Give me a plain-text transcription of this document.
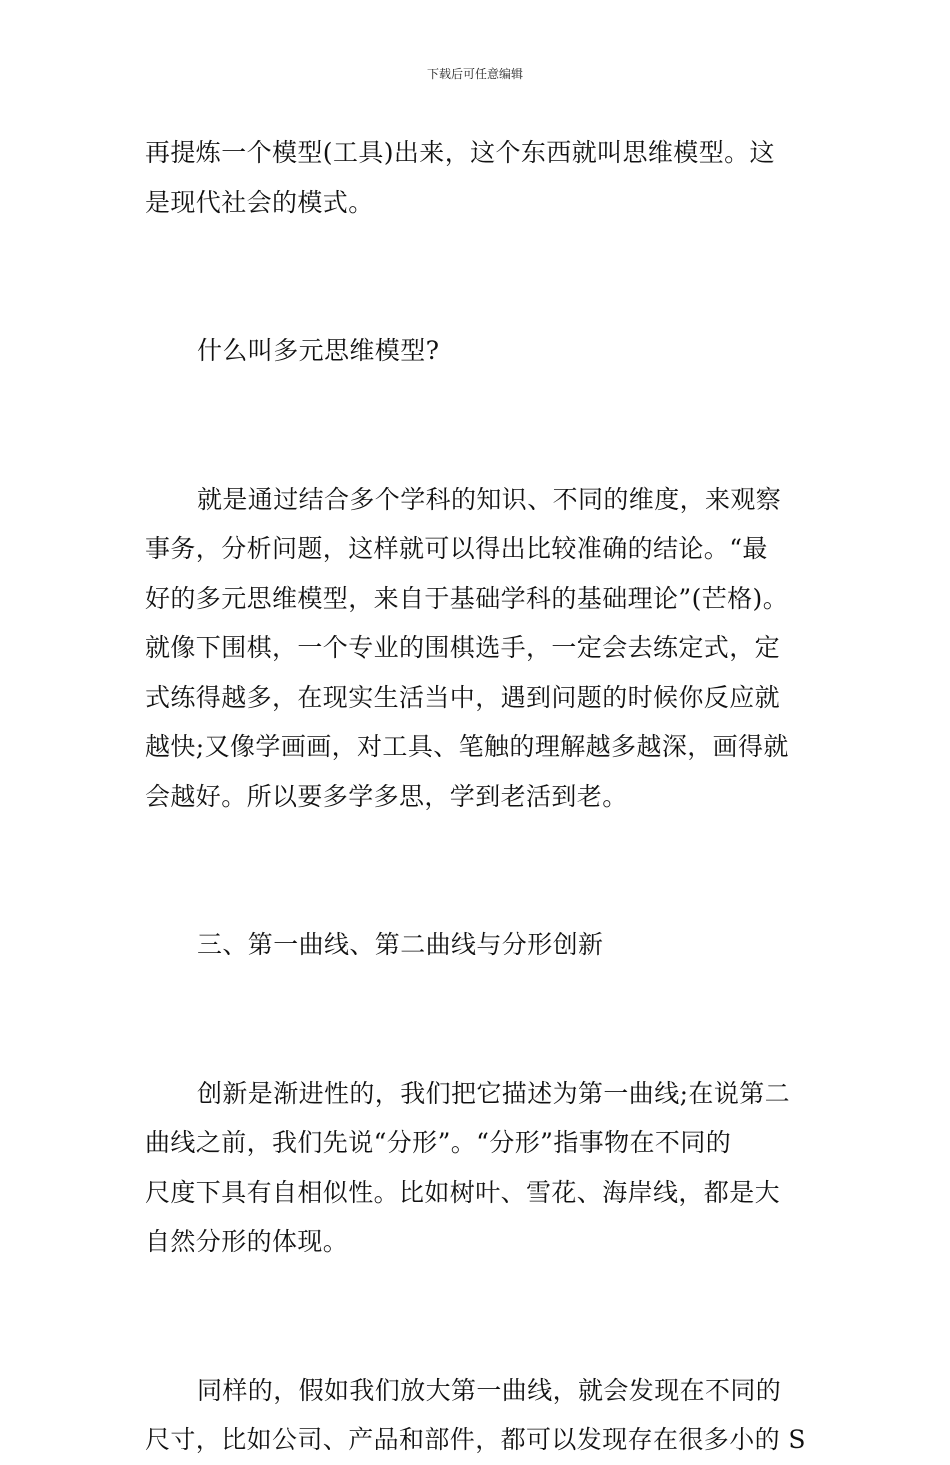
下载后可任意编辑
再提炼一个模型(工具)出来，这个东西就叫思维模型。这
是现代社会的模式。
什么叫多元思维模型?
就是通过结合多个学科的知识、不同的维度，来观察
事务，分析问题，这样就可以得出比较准确的结论。“最
好的多元思维模型，来自于基础学科的基础理论”(芒格)。
就像下围棋，一个专业的围棋选手，一定会去练定式，定
式练得越多，在现实生活当中，遇到问题的时候你反应就
越快;又像学画画，对工具、笔触的理解越多越深，画得就
会越好。所以要多学多思，学到老活到老。
三、第一曲线、第二曲线与分形创新
创新是渐进性的，我们把它描述为第一曲线;在说第二
曲线之前，我们先说“分形”。“分形”指事物在不同的
尺度下具有自相似性。比如树叶、雪花、海岸线，都是大
自然分形的体现。
同样的，假如我们放大第一曲线，就会发现在不同的
尺寸，比如公司、产品和部件，都可以发现存在很多小的 S
